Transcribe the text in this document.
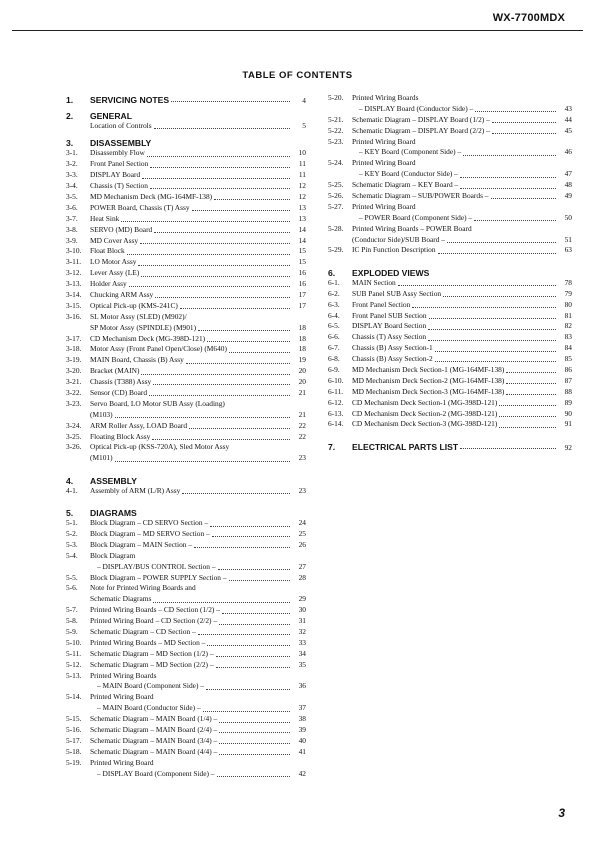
WX-7700MDX
TABLE OF CONTENTS
1.	SERVICING NOTES	4
2.	GENERAL
Location of Controls	5
3.	DISASSEMBLY
3-1.	Disassembly Flow	10
3-2.	Front Panel Section	11
3-3.	DISPLAY Board	11
3-4.	Chassis (T) Section	12
3-5.	MD Mechanism Deck (MG-164MF-138)	12
3-6.	POWER Board, Chassis (T) Assy	13
3-7.	Heat Sink	13
3-8.	SERVO (MD) Board	14
3-9.	MD Cover Assy	14
3-10.	Float Block	15
3-11.	LO Motor Assy	15
3-12.	Lever Assy (LE)	16
3-13.	Holder Assy	16
3-14.	Chucking ARM Assy	17
3-15.	Optical Pick-up (KMS-241C)	17
3-16.	SL Motor Assy (SLED) (M902)/
SP Motor Assy (SPINDLE) (M901)	18
3-17.	CD Mechanism Deck (MG-398D-121)	18
3-18.	Motor Assy (Front Panel Open/Close) (M640)	18
3-19.	MAIN Board, Chassis (B) Assy	19
3-20.	Bracket (MAIN)	20
3-21.	Chassis (T388) Assy	20
3-22.	Sensor (CD) Board	21
3-23.	Servo Board, LO Motor SUB Assy (Loading)
(M103)	21
3-24.	ARM Roller Assy, LOAD Board	22
3-25.	Floating Block Assy	22
3-26.	Optical Pick-up (KSS-720A), Sled Motor Assy
(M101)	23
4.	ASSEMBLY
4-1.	Assembly of ARM (L/R) Assy	23
5.	DIAGRAMS
5-1.	Block Diagram – CD SERVO Section –	24
5-2.	Block Diagram – MD SERVO Section –	25
5-3.	Block Diagram – MAIN Section –	26
5-4.	Block Diagram
– DISPLAY/BUS CONTROL Section –	27
5-5.	Block Diagram – POWER SUPPLY Section –	28
5-6.	Note for Printed Wiring Boards and
Schematic Diagrams	29
5-7.	Printed Wiring Boards – CD Section (1/2) –	30
5-8.	Printed Wiring Board – CD Section (2/2) –	31
5-9.	Schematic Diagram – CD Section –	32
5-10.	Printed Wiring Boards – MD Section –	33
5-11.	Schematic Diagram – MD Section (1/2) –	34
5-12.	Schematic Diagram – MD Section (2/2) –	35
5-13.	Printed Wiring Boards
– MAIN Board (Component Side) –	36
5-14.	Printed Wiring Board
– MAIN Board (Conductor Side) –	37
5-15.	Schematic Diagram – MAIN Board (1/4) –	38
5-16.	Schematic Diagram – MAIN Board (2/4) –	39
5-17.	Schematic Diagram – MAIN Board (3/4) –	40
5-18.	Schematic Diagram – MAIN Board (4/4) –	41
5-19.	Printed Wiring Board
– DISPLAY Board (Component Side) –	42
5-20.	Printed Wiring Boards
– DISPLAY Board (Conductor Side) –	43
5-21.	Schematic Diagram – DISPLAY Board (1/2) –	44
5-22.	Schematic Diagram – DISPLAY Board (2/2) –	45
5-23.	Printed Wiring Board
– KEY Board (Component Side) –	46
5-24.	Printed Wiring Board
– KEY Board (Conductor Side) –	47
5-25.	Schematic Diagram – KEY Board –	48
5-26.	Schematic Diagram – SUB/POWER Boards –	49
5-27.	Printed Wiring Board
– POWER Board (Component Side) –	50
5-28.	Printed Wiring Boards – POWER Board
(Conductor Side)/SUB Board –	51
5-29.	IC Pin Function Description	63
6.	EXPLODED VIEWS
6-1.	MAIN Section	78
6-2.	SUB Panel SUB Assy Section	79
6-3.	Front Panel Section	80
6-4.	Front Panel SUB Section	81
6-5.	DISPLAY Board Section	82
6-6.	Chassis (T) Assy Section	83
6-7.	Chassis (B) Assy Section-1	84
6-8.	Chassis (B) Assy Section-2	85
6-9.	MD Mechanism Deck Section-1 (MG-164MF-138)	86
6-10.	MD Mechanism Deck Section-2 (MG-164MF-138)	87
6-11.	MD Mechanism Deck Section-3 (MG-164MF-138)	88
6-12.	CD Mechanism Deck Section-1 (MG-398D-121)	89
6-13.	CD Mechanism Deck Section-2 (MG-398D-121)	90
6-14.	CD Mechanism Deck Section-3 (MG-398D-121)	91
7.	ELECTRICAL PARTS LIST	92
3
